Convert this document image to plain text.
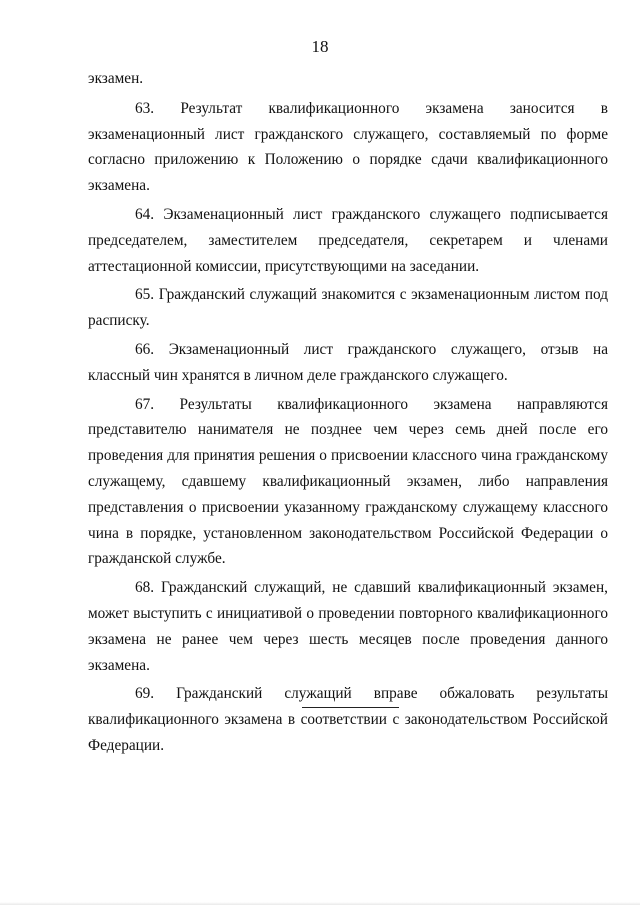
18

экзамен.

63. Результат квалификационного экзамена заносится в экзаменационный лист гражданского служащего, составляемый по форме согласно приложению к Положению о порядке сдачи квалификационного экзамена.

64. Экзаменационный лист гражданского служащего подписывается председателем, заместителем председателя, секретарем и членами аттестационной комиссии, присутствующими на заседании.

65. Гражданский служащий знакомится с экзаменационным листом под расписку.

66. Экзаменационный лист гражданского служащего, отзыв на классный чин хранятся в личном деле гражданского служащего.

67. Результаты квалификационного экзамена направляются представителю нанимателя не позднее чем через семь дней после его проведения для принятия решения о присвоении классного чина гражданскому служащему, сдавшему квалификационный экзамен, либо направления представления о присвоении указанному гражданскому служащему классного чина в порядке, установленном законодательством Российской Федерации о гражданской службе.

68. Гражданский служащий, не сдавший квалификационный экзамен, может выступить с инициативой о проведении повторного квалификационного экзамена не ранее чем через шесть месяцев после проведения данного экзамена.

69. Гражданский служащий вправе обжаловать результаты квалификационного экзамена в соответствии с законодательством Российской Федерации.
